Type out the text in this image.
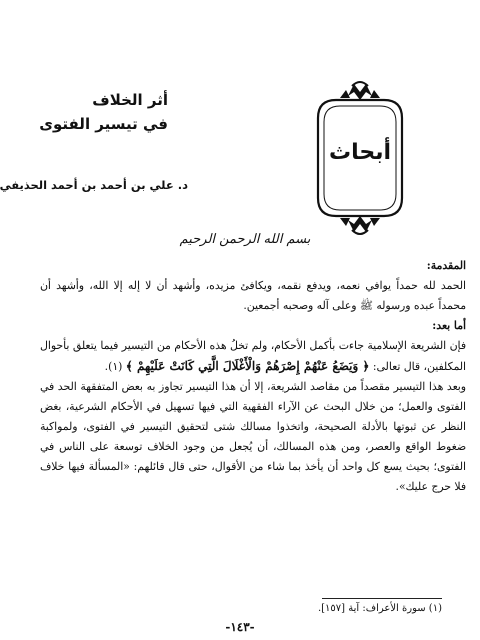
أثر الخلاف
في تيسير الفتوى
د. علي بن أحمد بن أحمد الحذيفي
أبحاث
بسم الله الرحمن الرحيم

المقدمة:

الحمد لله حمداً يوافي نعمه، ويدفع نقمه، ويكافئ مزيده، وأشهد أن لا إله إلا الله، وأشهد أن محمداً عبده ورسوله ﷺ وعلى آله وصحبه أجمعين.

أما بعد:

فإن الشريعة الإسلامية جاءت بأكمل الأحكام، ولم تخلُ هذه الأحكام من التيسير فيما يتعلق بأحوال المكلفين، قال تعالى: ﴿ وَيَضَعُ عَنْهُمْ إِصْرَهُمْ وَالْأَغْلَالَ الَّتِي كَانَتْ عَلَيْهِمْ ﴾ (١).

وبعد هذا التيسير مقصداً من مقاصد الشريعة، إلا أن هذا التيسير تجاوز به بعض المتفقهة الحد في الفتوى والعمل؛ من خلال البحث عن الآراء الفقهية التي فيها تسهيل في الأحكام الشرعية، بغض النظر عن ثبوتها بالأدلة الصحيحة، واتخذوا مسالك شتى لتحقيق التيسير في الفتوى، ولمواكبة ضغوط الواقع والعصر، ومن هذه المسالك، أن يُجعل من وجود الخلاف توسعة على الناس في الفتوى؛ بحيث يسع كل واحد أن يأخذ بما شاء من الأقوال، حتى قال قائلهم: «المسألة فيها خلاف فلا حرج عليك».

(١) سورة الأعراف: آية [١٥٧].
-١٤٣-
